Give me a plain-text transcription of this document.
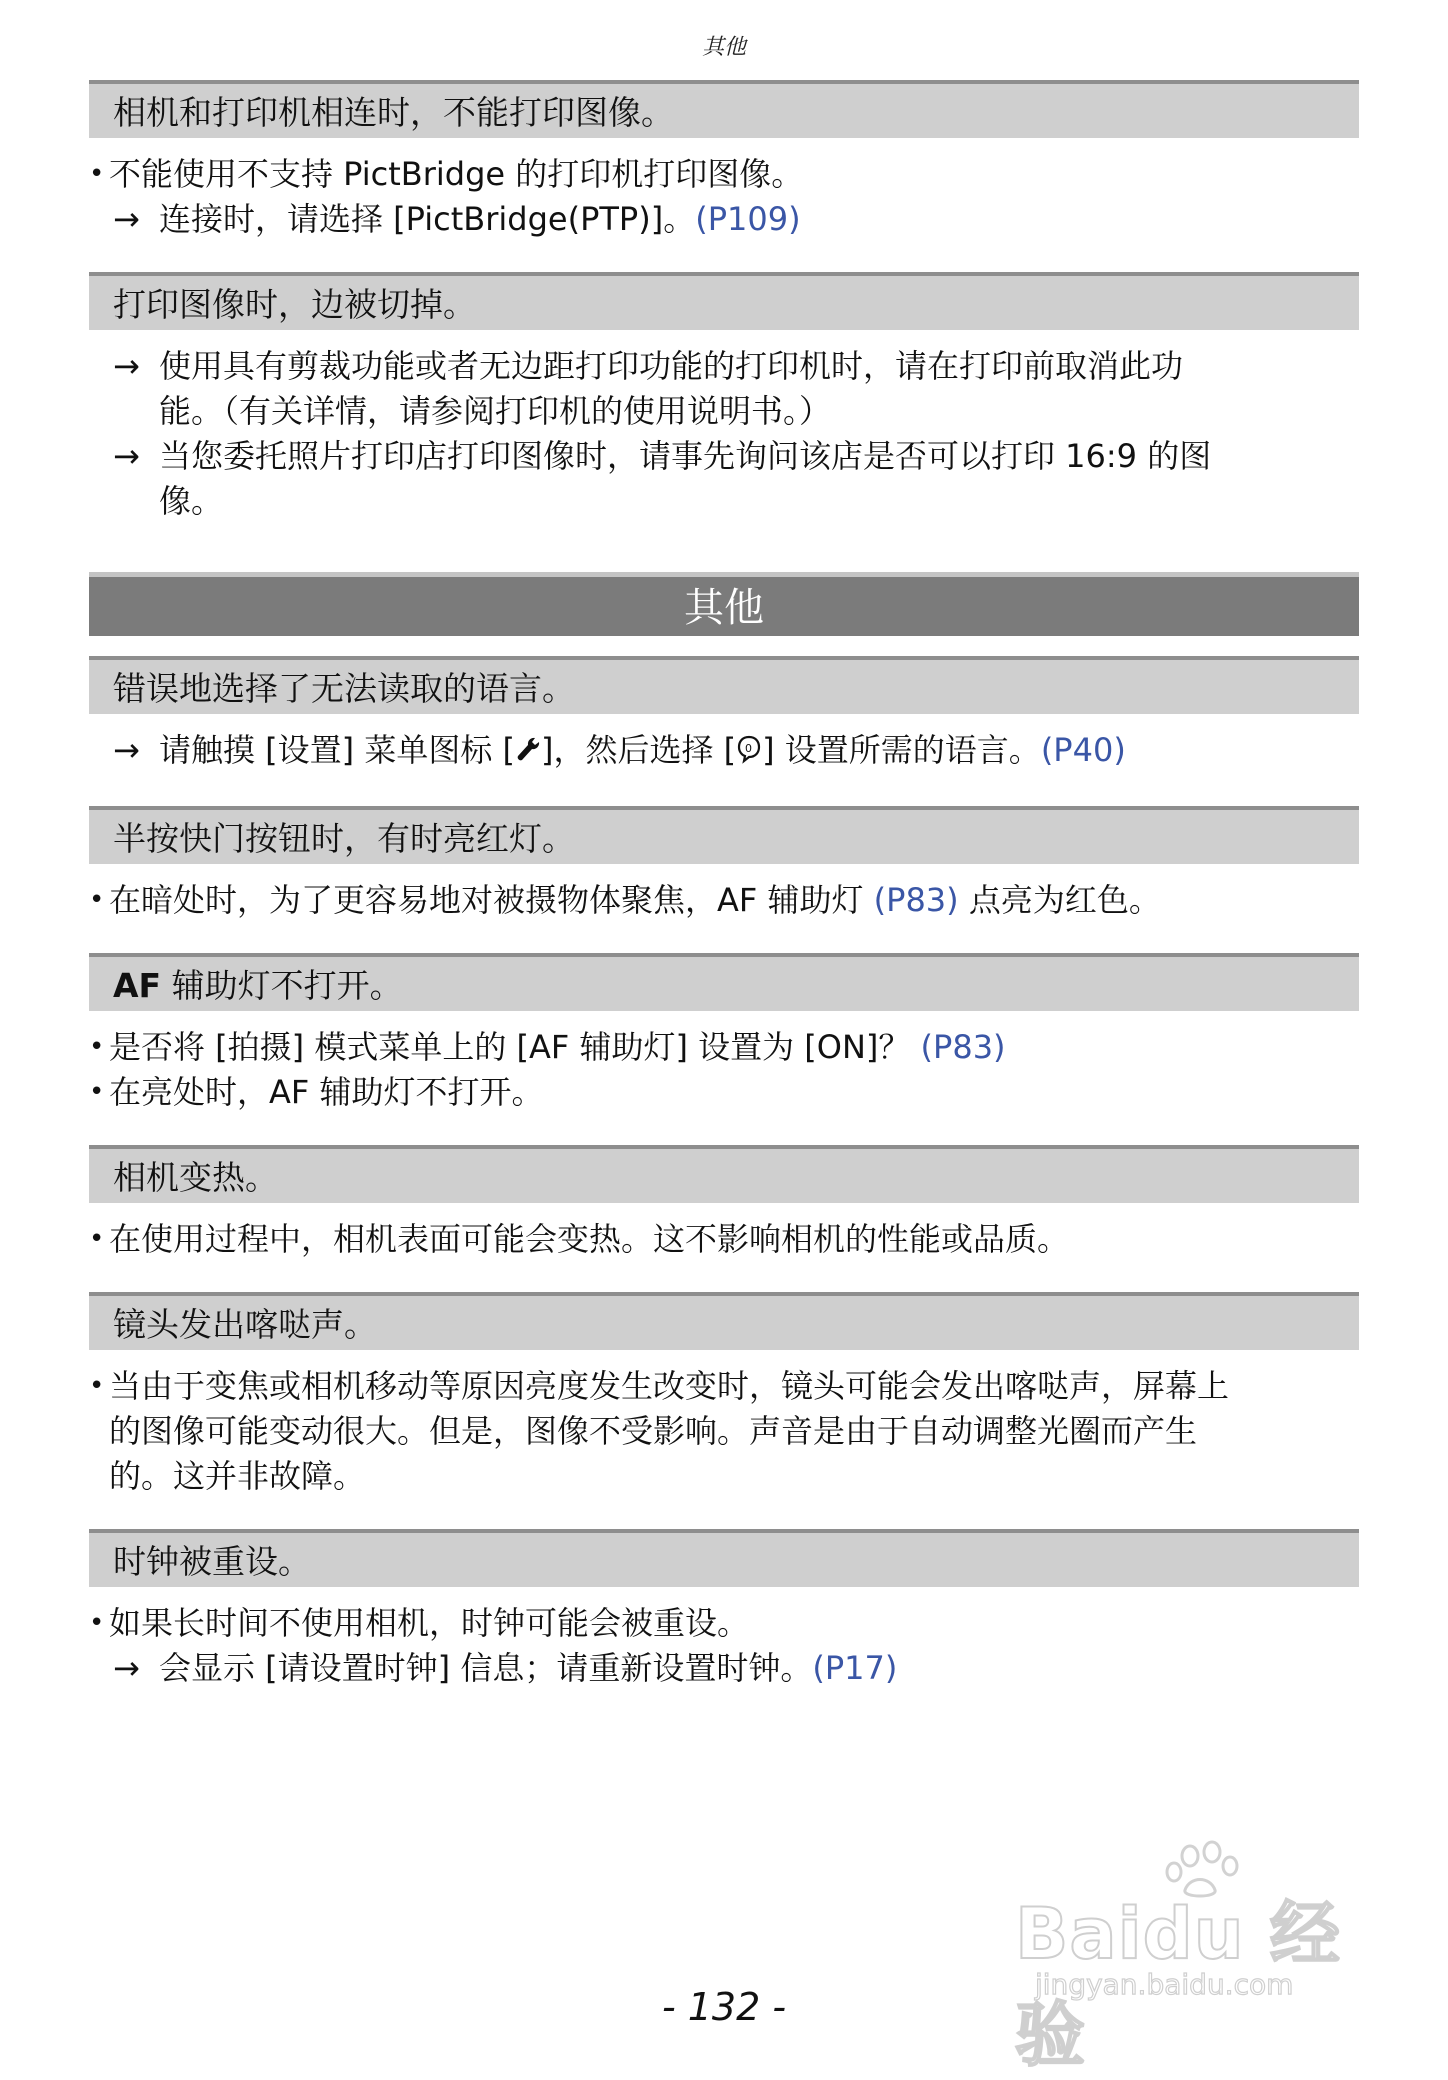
其他
相机和打印机相连时，不能打印图像。
• 不能使用不支持 PictBridge 的打印机打印图像。
→ 连接时，请选择 [PictBridge(PTP)]。(P109)
打印图像时，边被切掉。
→ 使用具有剪裁功能或者无边距打印功能的打印机时，请在打印前取消此功
能。（有关详情，请参阅打印机的使用说明书。）
→ 当您委托照片打印店打印图像时，请事先询问该店是否可以打印 16:9 的图
像。
其他
错误地选择了无法读取的语言。
→ 请触摸 [设置] 菜单图标 [ ]，然后选择 [ 0 ] 设置所需的语言。(P40)
半按快门按钮时，有时亮红灯。
• 在暗处时，为了更容易地对被摄物体聚焦，AF 辅助灯 (P83) 点亮为红色。
AF 辅助灯不打开。
• 是否将 [拍摄] 模式菜单上的 [AF 辅助灯] 设置为 [ON]？ (P83)
• 在亮处时，AF 辅助灯不打开。
相机变热。
• 在使用过程中，相机表面可能会变热。这不影响相机的性能或品质。
镜头发出喀哒声。
• 当由于变焦或相机移动等原因亮度发生改变时，镜头可能会发出喀哒声，屏幕上
的图像可能变动很大。但是，图像不受影响。声音是由于自动调整光圈而产生
的。这并非故障。
时钟被重设。
• 如果长时间不使用相机，时钟可能会被重设。
→ 会显示 [请设置时钟] 信息；请重新设置时钟。(P17)
Baidu 经验
jingyan.baidu.com
- 132 -
